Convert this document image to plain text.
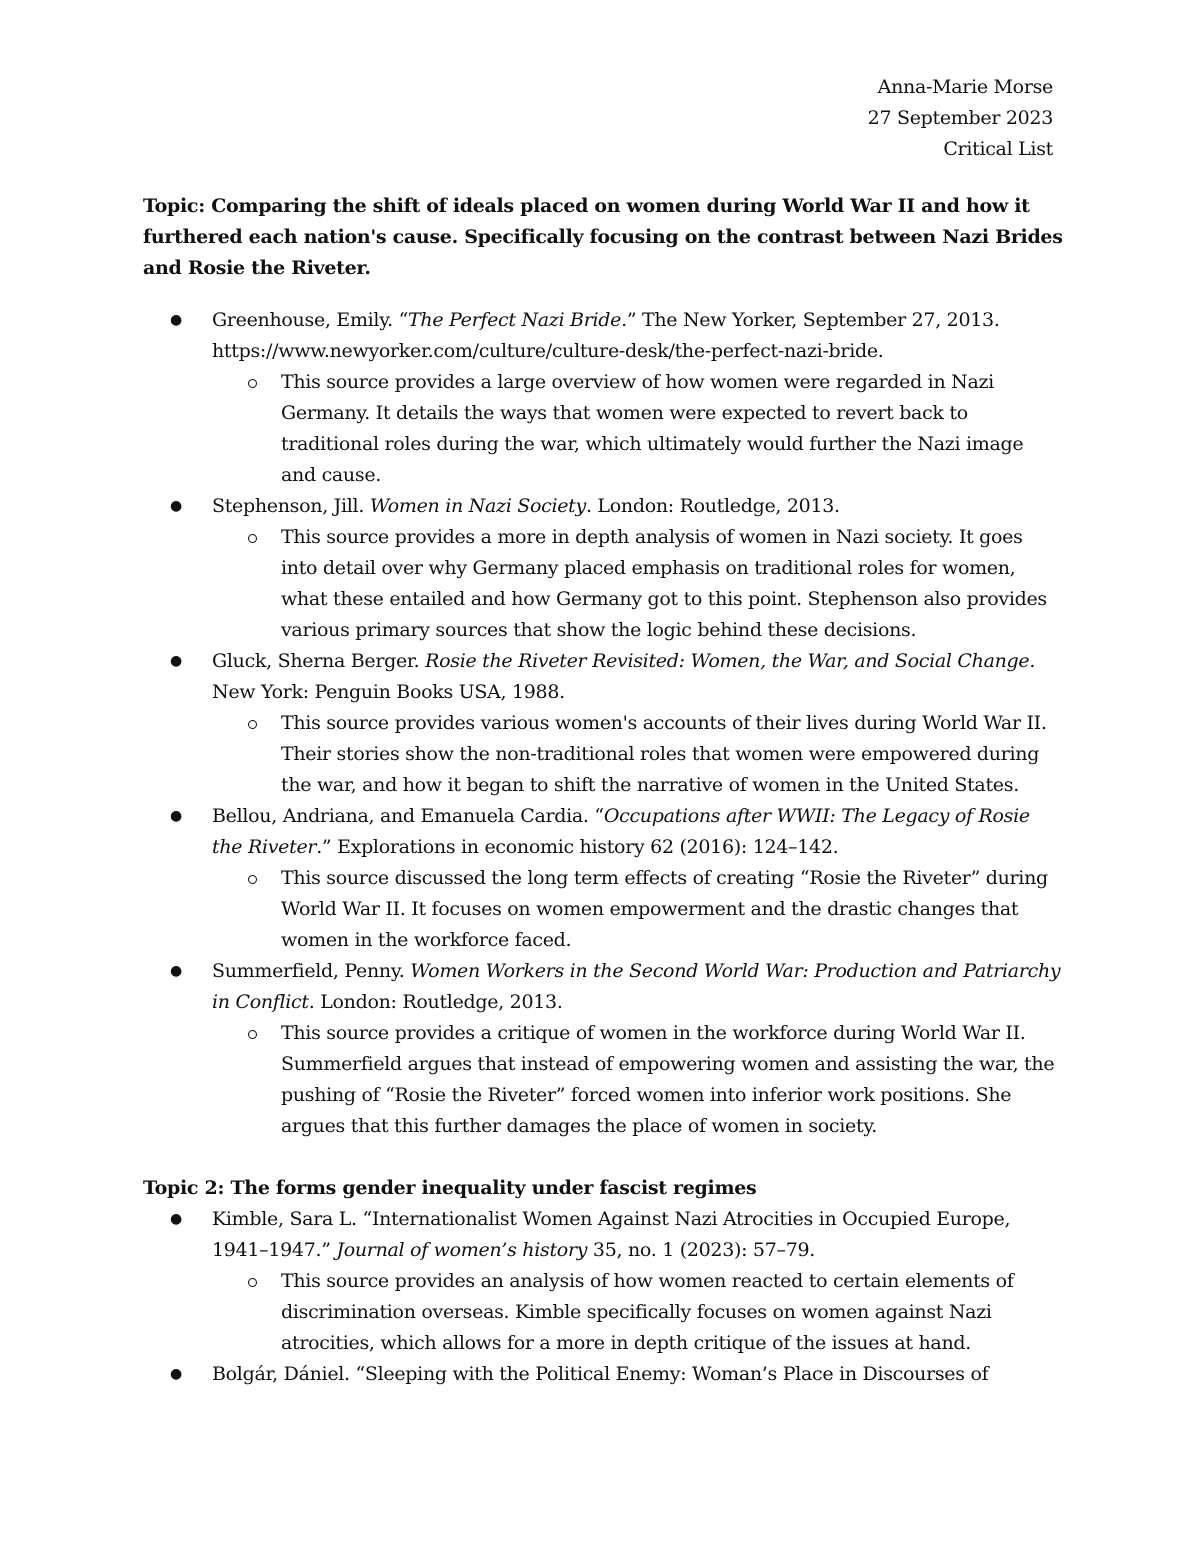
Anna-Marie Morse
27 September 2023
Critical List

Topic: Comparing the shift of ideals placed on women during World War II and how it furthered each nation's cause. Specifically focusing on the contrast between Nazi Brides and Rosie the Riveter.

● Greenhouse, Emily. “The Perfect Nazi Bride.” The New Yorker, September 27, 2013. https://www.newyorker.com/culture/culture-desk/the-perfect-nazi-bride.
This source provides a large overview of how women were regarded in Nazi Germany. It details the ways that women were expected to revert back to traditional roles during the war, which ultimately would further the Nazi image and cause.
● Stephenson, Jill. Women in Nazi Society. London: Routledge, 2013.
This source provides a more in depth analysis of women in Nazi society. It goes into detail over why Germany placed emphasis on traditional roles for women, what these entailed and how Germany got to this point. Stephenson also provides various primary sources that show the logic behind these decisions.
● Gluck, Sherna Berger. Rosie the Riveter Revisited: Women, the War, and Social Change. New York: Penguin Books USA, 1988.
This source provides various women's accounts of their lives during World War II. Their stories show the non-traditional roles that women were empowered during the war, and how it began to shift the narrative of women in the United States.
● Bellou, Andriana, and Emanuela Cardia. “Occupations after WWII: The Legacy of Rosie the Riveter.” Explorations in economic history 62 (2016): 124–142.
This source discussed the long term effects of creating “Rosie the Riveter” during World War II. It focuses on women empowerment and the drastic changes that women in the workforce faced.
● Summerfield, Penny. Women Workers in the Second World War: Production and Patriarchy in Conflict. London: Routledge, 2013.
This source provides a critique of women in the workforce during World War II. Summerfield argues that instead of empowering women and assisting the war, the pushing of “Rosie the Riveter” forced women into inferior work positions. She argues that this further damages the place of women in society.

Topic 2: The forms gender inequality under fascist regimes

● Kimble, Sara L. “Internationalist Women Against Nazi Atrocities in Occupied Europe, 1941–1947.” Journal of women’s history 35, no. 1 (2023): 57–79.
This source provides an analysis of how women reacted to certain elements of discrimination overseas. Kimble specifically focuses on women against Nazi atrocities, which allows for a more in depth critique of the issues at hand.
● Bolgár, Dániel. “Sleeping with the Political Enemy: Woman’s Place in Discourses of
